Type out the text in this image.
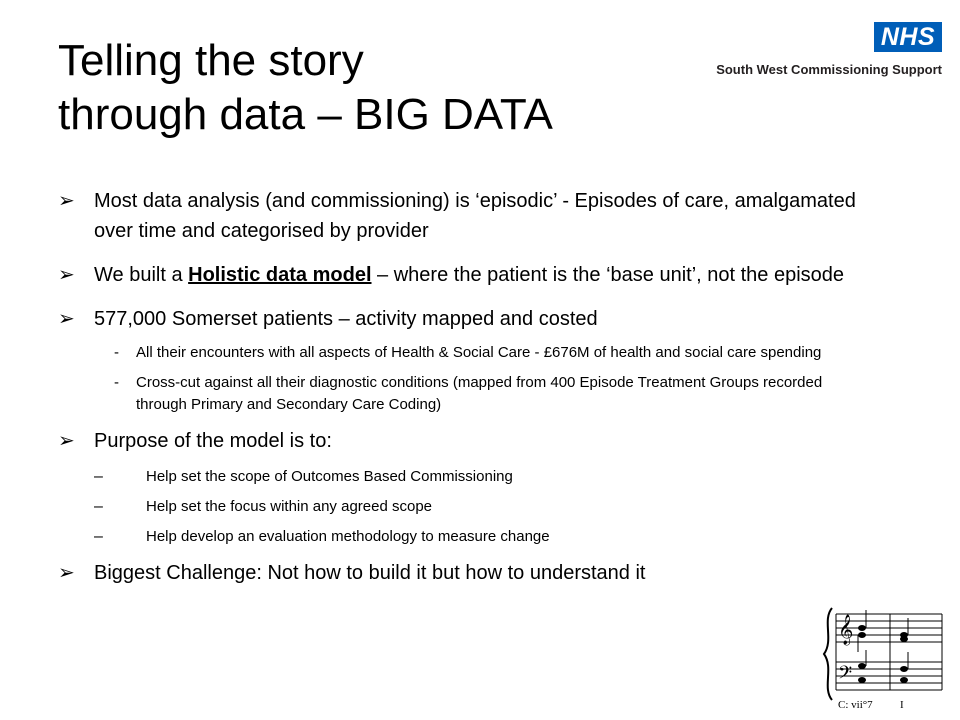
Telling the story
through data – BIG DATA
NHS
South West Commissioning Support
➢ Most data analysis (and commissioning) is ‘episodic’ - Episodes of care, amalgamated over time and categorised by provider
➢ We built a Holistic data model – where the patient is the ‘base unit’, not the episode
➢ 577,000 Somerset patients – activity mapped and costed
-	All their encounters with all aspects of Health & Social Care - £676M of health and social care spending
-	Cross-cut against all their diagnostic conditions (mapped from 400 Episode Treatment Groups recorded through Primary and Secondary Care Coding)
➢ Purpose of the model is to:
–	Help set the scope of Outcomes Based Commissioning
–	Help set the focus within any agreed scope
–	Help develop an evaluation methodology to measure change
➢ Biggest Challenge: Not how to build it but how to understand it
𝄞
𝄢
C: vii°7 I
